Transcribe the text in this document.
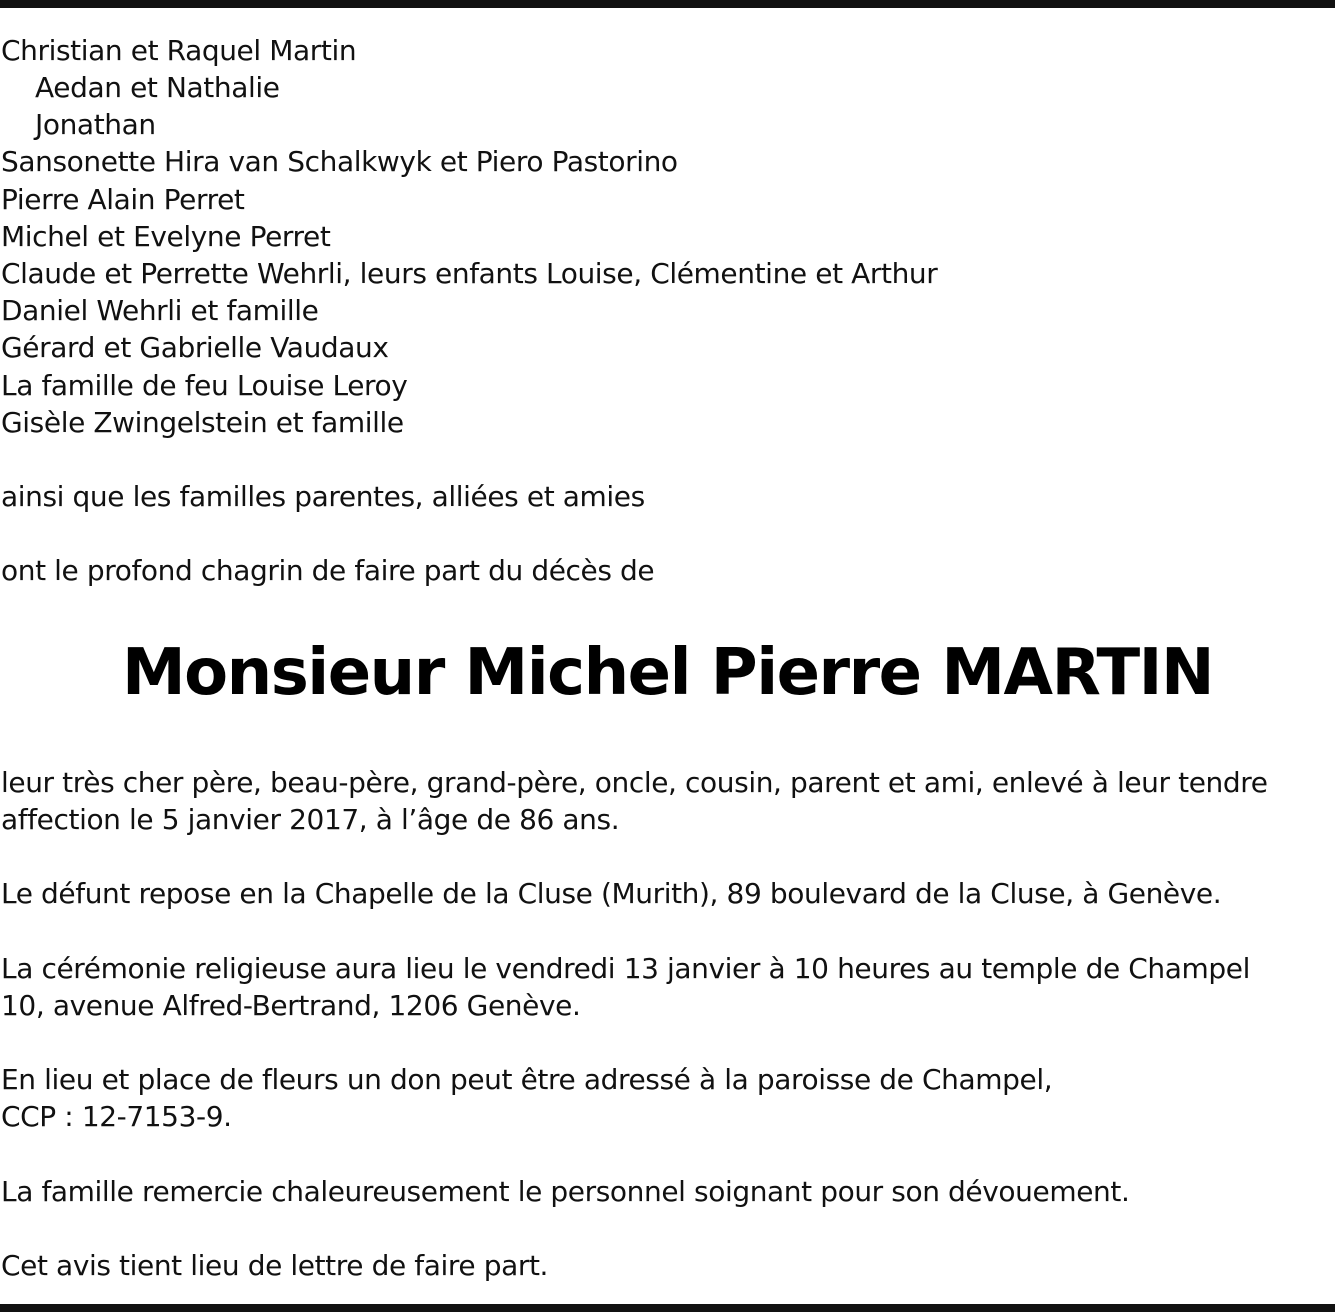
Christian et Raquel Martin
Aedan et Nathalie
Jonathan
Sansonette Hira van Schalkwyk et Piero Pastorino
Pierre Alain Perret
Michel et Evelyne Perret
Claude et Perrette Wehrli, leurs enfants Louise, Clémentine et Arthur
Daniel Wehrli et famille
Gérard et Gabrielle Vaudaux
La famille de feu Louise Leroy
Gisèle Zwingelstein et famille
ainsi que les familles parentes, alliées et amies
ont le profond chagrin de faire part du décès de
Monsieur Michel Pierre MARTIN
leur très cher père, beau-père, grand-père, oncle, cousin, parent et ami, enlevé à leur tendre
affection le 5 janvier 2017, à l’âge de 86 ans.
Le défunt repose en la Chapelle de la Cluse (Murith), 89 boulevard de la Cluse, à Genève.
La cérémonie religieuse aura lieu le vendredi 13 janvier à 10 heures au temple de Champel
10, avenue Alfred-Bertrand, 1206 Genève.
En lieu et place de fleurs un don peut être adressé à la paroisse de Champel,
CCP : 12-7153-9.
La famille remercie chaleureusement le personnel soignant pour son dévouement.
Cet avis tient lieu de lettre de faire part.
